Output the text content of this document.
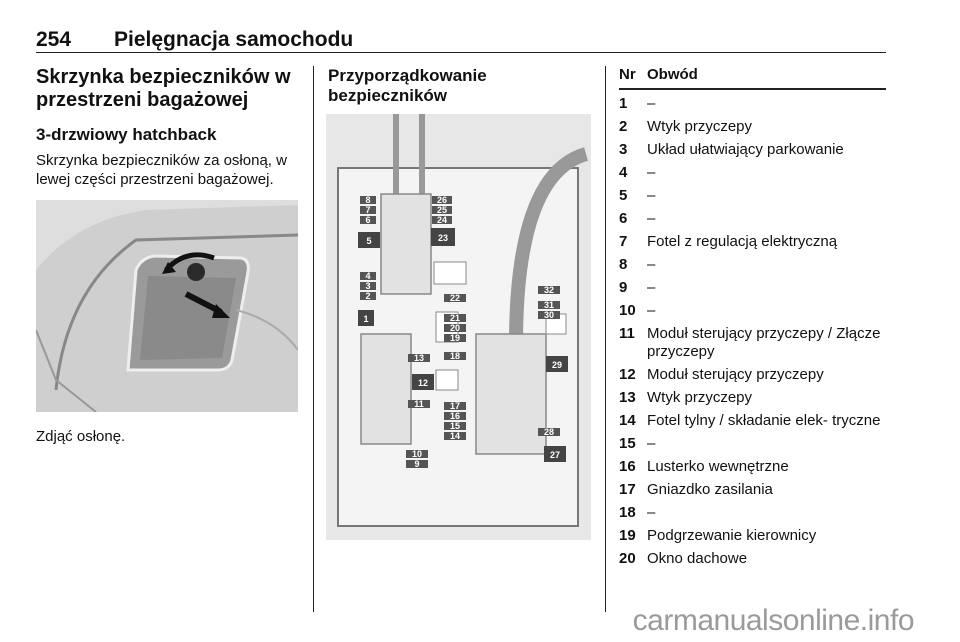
254 Pielęgnacja samochodu

Skrzynka bezpieczników w
przestrzeni bagażowej

3-drzwiowy hatchback
Skrzynka bezpieczników za osłoną, w lewej części przestrzeni bagażowej.
Zdjąć osłonę.
Przyporządkowanie
bezpieczników
8
7
6
26
25
24
5	23
4
3
2	22
32
31
30
1	21
20
19
29
13	18
12
11	17
16
15
14	28
27
10
9
Nr Obwód
1	–
2	Wtyk przyczepy
3	Układ ułatwiający parkowanie
4	–
5	–
6	–
7	Fotel z regulacją elektryczną
8	–
9	–
10 –
11 Moduł sterujący przyczepy / Złącze przyczepy
12 Moduł sterujący przyczepy
13 Wtyk przyczepy
14 Fotel tylny / składanie elek- tryczne
15 –
16 Lusterko wewnętrzne
17 Gniazdko zasilania
18 –
19 Podgrzewanie kierownicy
20 Okno dachowe
carmanualsonline.info
